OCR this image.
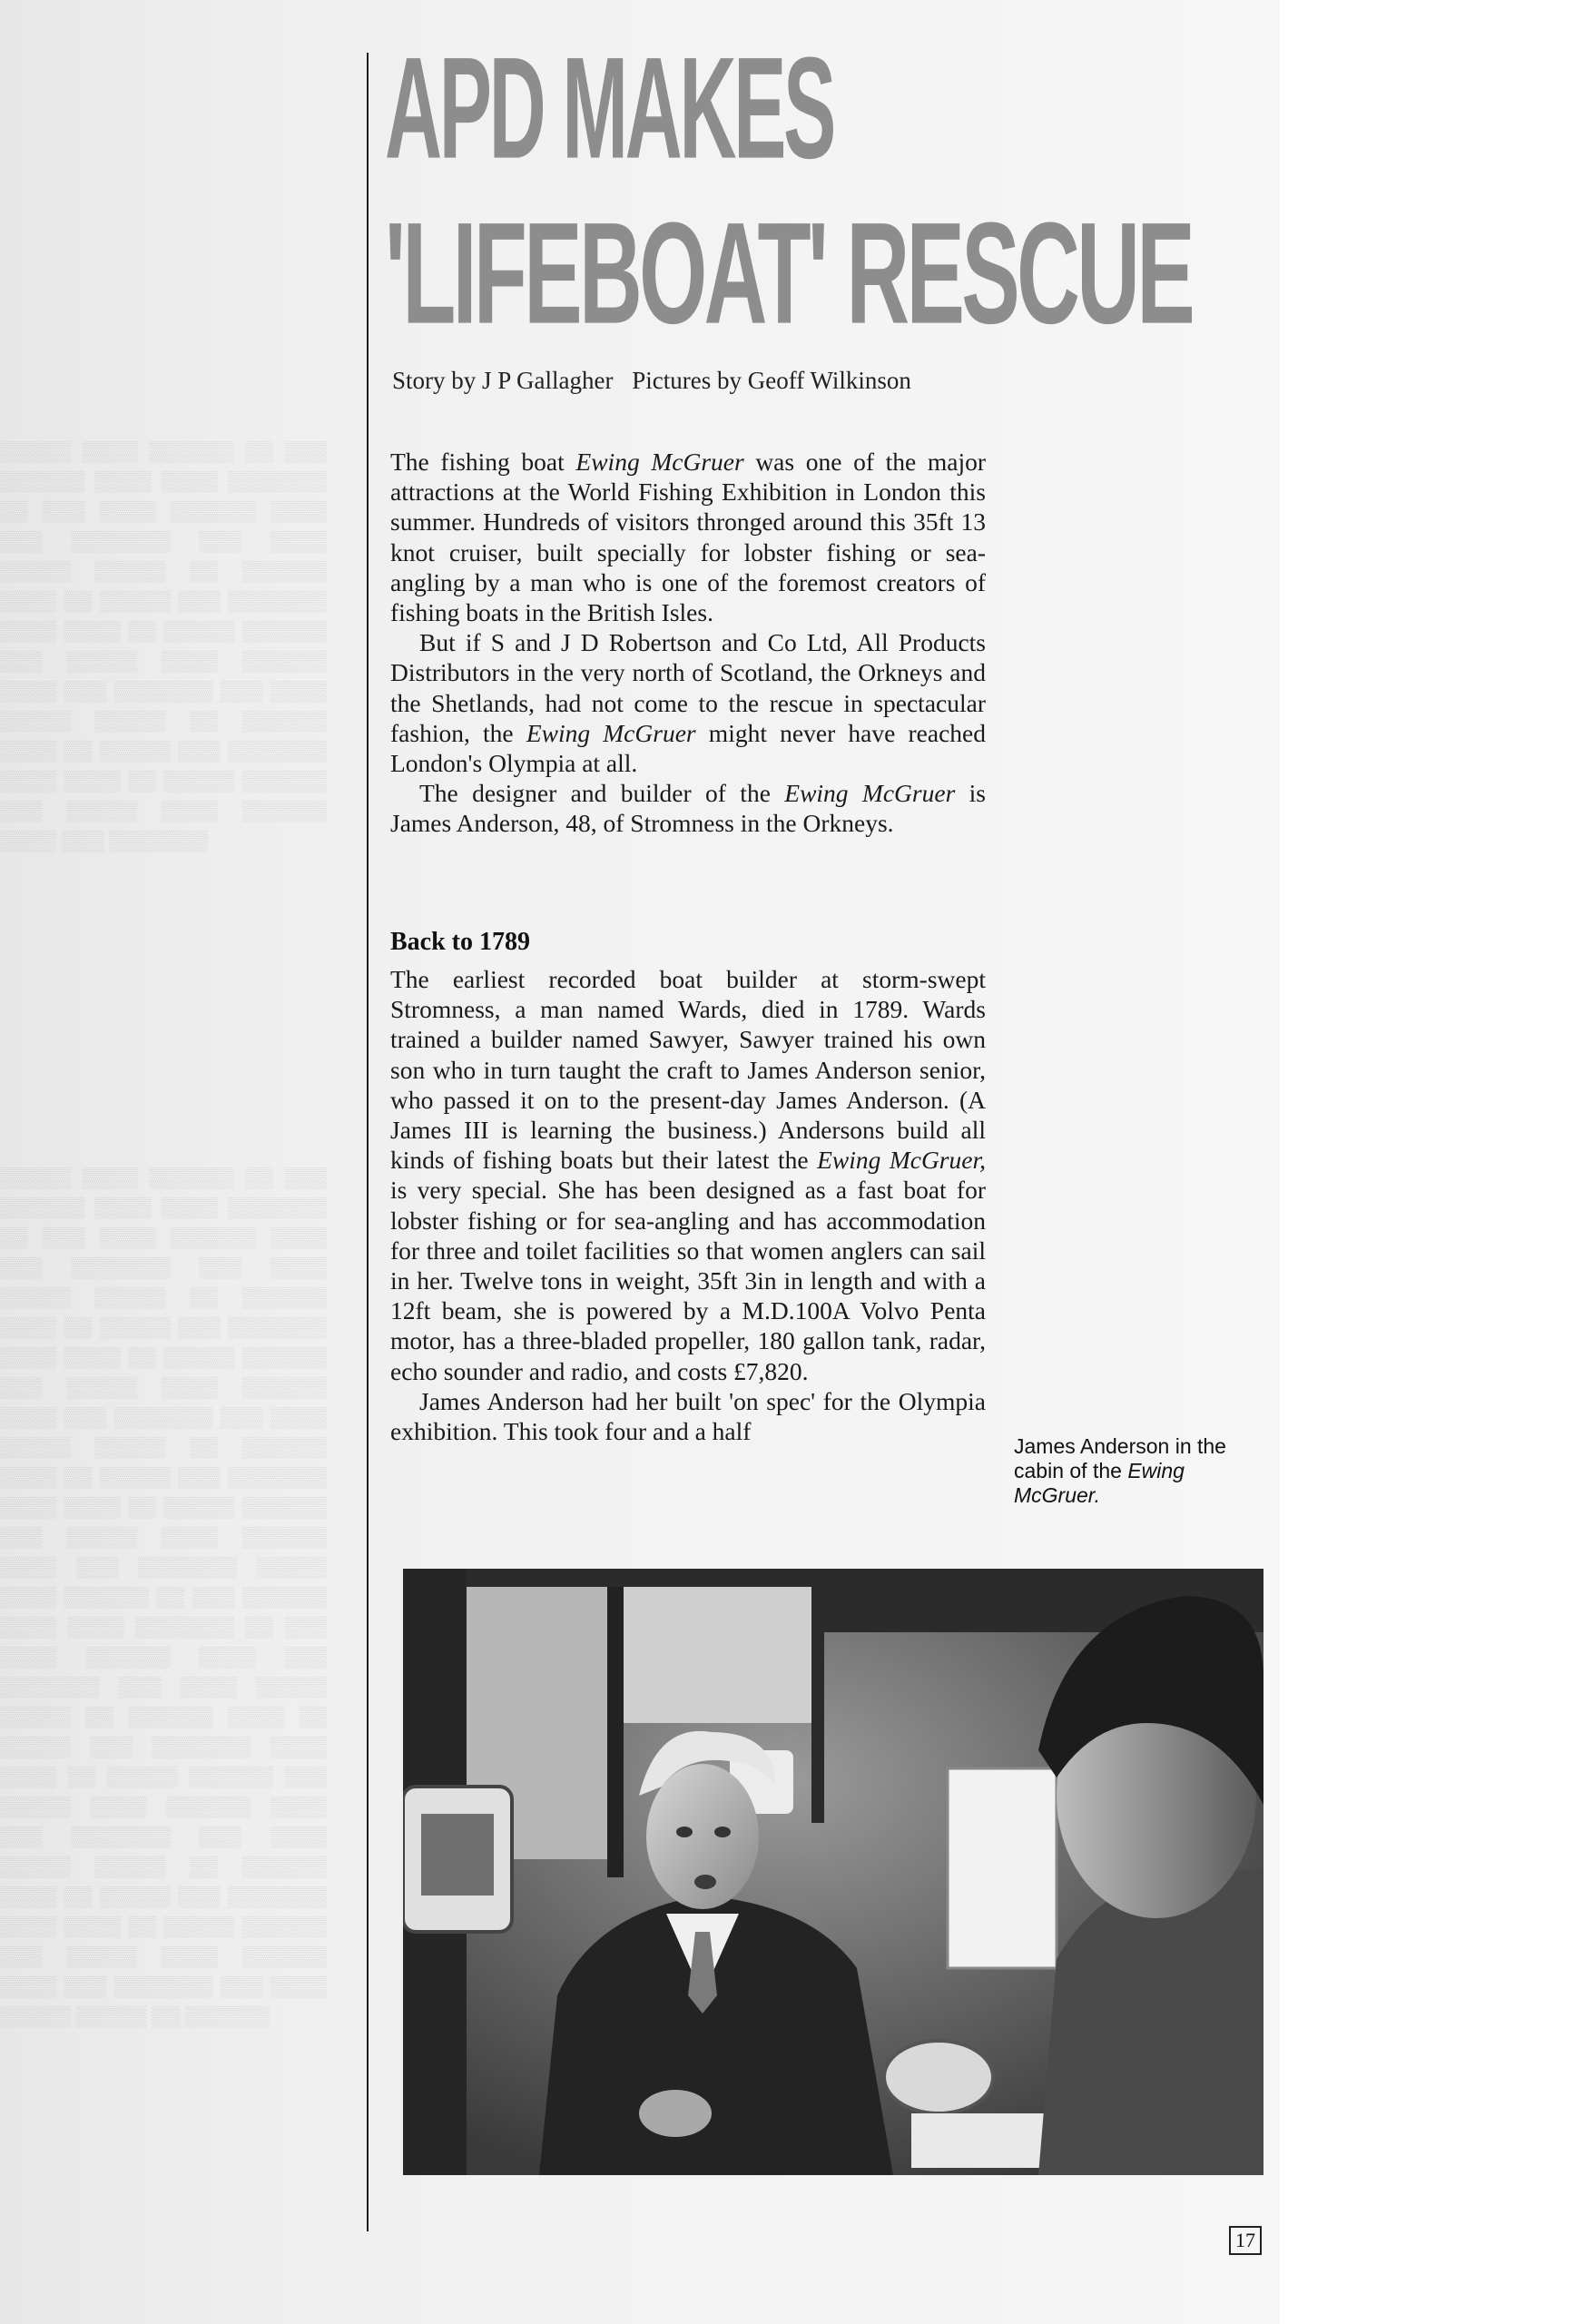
▒▒▒▒▒ ▒▒▒▒ ▒▒▒▒▒▒ ▒▒ ▒▒▒ ▒▒▒▒▒▒ ▒▒▒▒ ▒▒▒▒ ▒▒▒▒▒▒▒ ▒▒ ▒▒▒ ▒▒▒▒ ▒▒▒▒▒▒ ▒▒▒▒ ▒▒▒ ▒▒▒▒▒▒▒ ▒▒▒ ▒▒▒▒ ▒▒▒▒▒ ▒▒▒▒▒ ▒▒ ▒▒▒▒▒▒ ▒▒▒▒ ▒▒ ▒▒▒▒▒ ▒▒▒ ▒▒▒▒▒▒▒ ▒▒▒▒ ▒▒▒▒ ▒▒ ▒▒▒▒▒ ▒▒▒▒▒▒ ▒▒▒ ▒▒▒▒▒ ▒▒▒▒ ▒▒▒▒▒▒ ▒▒▒▒ ▒▒▒ ▒▒▒▒▒▒▒ ▒▒▒ ▒▒▒▒ ▒▒▒▒▒ ▒▒▒▒▒ ▒▒ ▒▒▒▒▒▒ ▒▒▒▒ ▒▒ ▒▒▒▒▒ ▒▒▒ ▒▒▒▒▒▒▒ ▒▒▒▒ ▒▒▒▒ ▒▒ ▒▒▒▒▒ ▒▒▒▒▒▒ ▒▒▒ ▒▒▒▒▒ ▒▒▒▒ ▒▒▒▒▒▒ ▒▒▒▒ ▒▒▒ ▒▒▒▒▒▒▒
▒▒▒▒▒ ▒▒▒▒ ▒▒▒▒▒▒ ▒▒ ▒▒▒ ▒▒▒▒▒▒ ▒▒▒▒ ▒▒▒▒ ▒▒▒▒▒▒▒ ▒▒ ▒▒▒ ▒▒▒▒ ▒▒▒▒▒▒ ▒▒▒▒ ▒▒▒ ▒▒▒▒▒▒▒ ▒▒▒ ▒▒▒▒ ▒▒▒▒▒ ▒▒▒▒▒ ▒▒ ▒▒▒▒▒▒ ▒▒▒▒ ▒▒ ▒▒▒▒▒ ▒▒▒ ▒▒▒▒▒▒▒ ▒▒▒▒ ▒▒▒▒ ▒▒ ▒▒▒▒▒ ▒▒▒▒▒▒ ▒▒▒ ▒▒▒▒▒ ▒▒▒▒ ▒▒▒▒▒▒ ▒▒▒▒ ▒▒▒ ▒▒▒▒▒▒▒ ▒▒▒ ▒▒▒▒ ▒▒▒▒▒ ▒▒▒▒▒ ▒▒ ▒▒▒▒▒▒ ▒▒▒▒ ▒▒ ▒▒▒▒▒ ▒▒▒ ▒▒▒▒▒▒▒ ▒▒▒▒ ▒▒▒▒ ▒▒ ▒▒▒▒▒ ▒▒▒▒▒▒ ▒▒▒ ▒▒▒▒▒ ▒▒▒▒ ▒▒▒▒▒▒ ▒▒▒▒ ▒▒▒ ▒▒▒▒▒▒▒ ▒▒▒▒▒ ▒▒▒▒ ▒▒▒▒▒▒ ▒▒ ▒▒▒ ▒▒▒▒▒▒ ▒▒▒▒ ▒▒▒▒ ▒▒▒▒▒▒▒ ▒▒ ▒▒▒ ▒▒▒▒ ▒▒▒▒▒▒ ▒▒▒▒ ▒▒▒ ▒▒▒▒▒▒▒ ▒▒▒ ▒▒▒▒ ▒▒▒▒▒ ▒▒▒▒▒ ▒▒ ▒▒▒▒▒▒ ▒▒▒▒ ▒▒ ▒▒▒▒▒ ▒▒▒ ▒▒▒▒▒▒▒ ▒▒▒▒ ▒▒▒▒ ▒▒ ▒▒▒▒▒ ▒▒▒▒▒▒ ▒▒▒ ▒▒▒▒▒ ▒▒▒▒ ▒▒▒▒▒▒ ▒▒▒▒ ▒▒▒ ▒▒▒▒▒▒▒ ▒▒▒ ▒▒▒▒ ▒▒▒▒▒ ▒▒▒▒▒ ▒▒ ▒▒▒▒▒▒ ▒▒▒▒ ▒▒ ▒▒▒▒▒ ▒▒▒ ▒▒▒▒▒▒▒ ▒▒▒▒ ▒▒▒▒ ▒▒ ▒▒▒▒▒ ▒▒▒▒▒▒ ▒▒▒ ▒▒▒▒▒ ▒▒▒▒ ▒▒▒▒▒▒ ▒▒▒▒ ▒▒▒ ▒▒▒▒▒▒▒ ▒▒▒ ▒▒▒▒ ▒▒▒▒▒ ▒▒▒▒▒ ▒▒ ▒▒▒▒▒▒
APD MAKES
'LIFEBOAT' RESCUE
Story by J P Gallagher Pictures by Geoff Wilkinson

The fishing boat Ewing McGruer was one of the major attractions at the World Fishing Exhibition in London this summer. Hundreds of visitors thronged around this 35ft 13 knot cruiser, built specially for lobster fishing or sea-angling by a man who is one of the foremost creators of fishing boats in the British Isles.

But if S and J D Robertson and Co Ltd, All Products Distributors in the very north of Scotland, the Orkneys and the Shetlands, had not come to the rescue in spectacular fashion, the Ewing McGruer might never have reached London's Olympia at all.

The designer and builder of the Ewing McGruer is James Anderson, 48, of Stromness in the Orkneys.

Back to 1789

The earliest recorded boat builder at storm-swept Stromness, a man named Wards, died in 1789. Wards trained a builder named Sawyer, Sawyer trained his own son who in turn taught the craft to James Anderson senior, who passed it on to the present-day James Anderson. (A James III is learning the business.) Andersons build all kinds of fishing boats but their latest the Ewing McGruer, is very special. She has been designed as a fast boat for lobster fishing or for sea-angling and has accommodation for three and toilet facilities so that women anglers can sail in her. Twelve tons in weight, 35ft 3in in length and with a 12ft beam, she is powered by a M.D.100A Volvo Penta motor, has a three-bladed propeller, 180 gallon tank, radar, echo sounder and radio, and costs £7,820.

James Anderson had her built 'on spec' for the Olympia exhibition. This took four and a half

James Anderson in the cabin of the Ewing McGruer.
17
